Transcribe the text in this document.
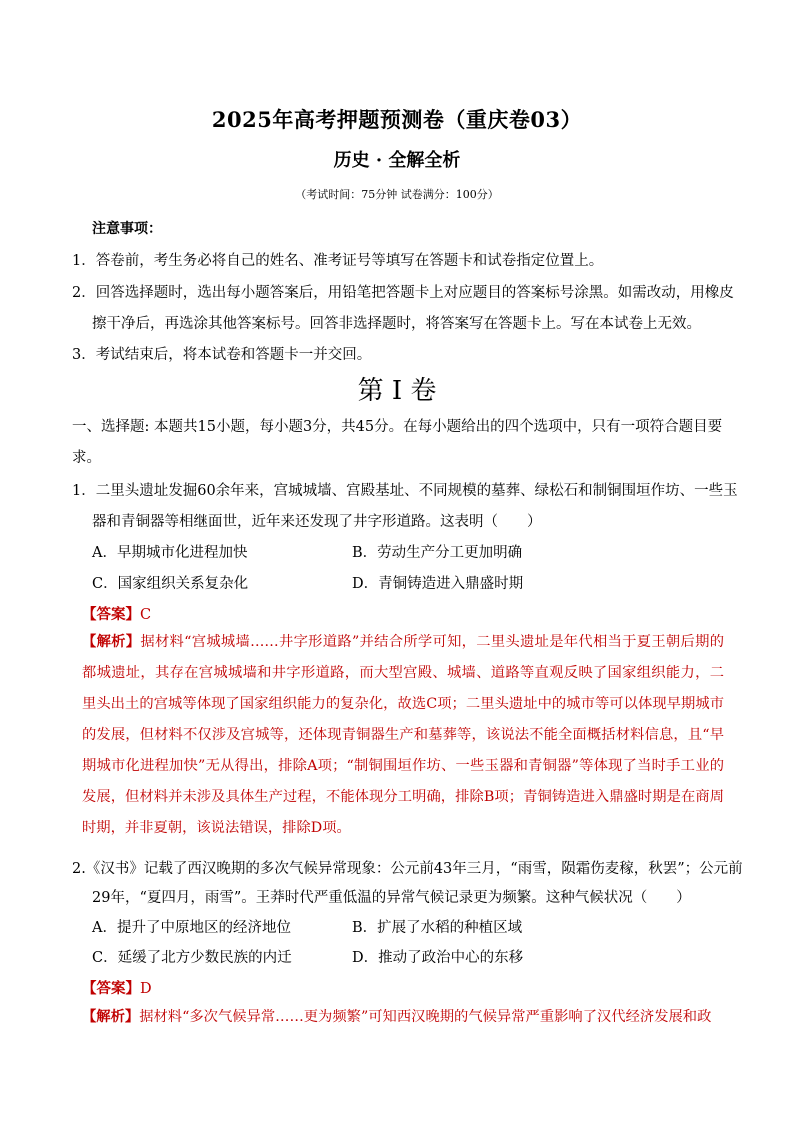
2025年高考押题预测卷（重庆卷03）
历史 · 全解全析
（考试时间：75分钟 试卷满分：100分）
注意事项：
1．答卷前，考生务必将自己的姓名、准考证号等填写在答题卡和试卷指定位置上。
2．回答选择题时，选出每小题答案后，用铅笔把答题卡上对应题目的答案标号涂黑。如需改动，用橡皮
擦干净后，再选涂其他答案标号。回答非选择题时，将答案写在答题卡上。写在本试卷上无效。
3．考试结束后，将本试卷和答题卡一并交回。
第 I 卷
一、选择题: 本题共15小题，每小题3分，共45分。在每小题给出的四个选项中，只有一项符合题目要
求。
1．二里头遗址发掘60余年来，宫城城墙、宫殿基址、不同规模的墓葬、绿松石和制铜围垣作坊、一些玉
器和青铜器等相继面世，近年来还发现了井字形道路。这表明（　　）
A．早期城市化进程加快	B．劳动生产分工更加明确
C．国家组织关系复杂化	D．青铜铸造进入鼎盛时期
【答案】C
【解析】据材料“宫城城墙……井字形道路”并结合所学可知，二里头遗址是年代相当于夏王朝后期的都城遗址，其存在宫城城墙和井字形道路，而大型宫殿、城墙、道路等直观反映了国家组织能力，二里头出土的宫城等体现了国家组织能力的复杂化，故选C项；二里头遗址中的城市等可以体现早期城市的发展，但材料不仅涉及宫城等，还体现青铜器生产和墓葬等，该说法不能全面概括材料信息，且“早期城市化进程加快”无从得出，排除A项；“制铜围垣作坊、一些玉器和青铜器”等体现了当时手工业的发展，但材料并未涉及具体生产过程，不能体现分工明确，排除B项；青铜铸造进入鼎盛时期是在商周时期，并非夏朝，该说法错误，排除D项。
2.《汉书》记载了西汉晚期的多次气候异常现象：公元前43年三月，“雨雪，陨霜伤麦稼，秋罢”；公元前
29年，“夏四月，雨雪”。王莽时代严重低温的异常气候记录更为频繁。这种气候状况（　　）
A．提升了中原地区的经济地位	B．扩展了水稻的种植区域
C．延缓了北方少数民族的内迁	D．推动了政治中心的东移
【答案】D
【解析】据材料“多次气候异常……更为频繁”可知西汉晚期的气候异常严重影响了汉代经济发展和政
